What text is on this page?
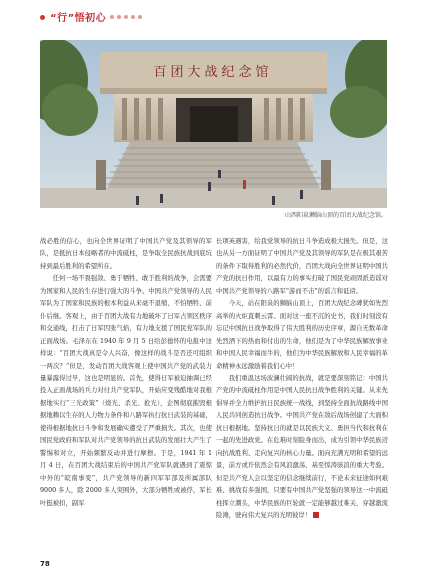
“行”悟初心
百团大战纪念馆
山西阳泉狮脑山顶的百团大战纪念馆。

战必胜的信心，也向全世界证明了中国共产党及其领导的军队，是抵抗日本侵略者的中流砥柱，是争取全民族抗战到底坑持到最后胜利的希望所在。

任何一场不畏强敌、勇于牺牲、敢于胜利的战争，会需要为国家和人民的生存进行强大的斗争。中国共产党领导的人民军队为了国家和民族的根本利益从来毫不退缩、不怕牺牲、前仆后继。客观上，由于百团大战有力地破坏了日军占领区秩序和交通线，打击了日军因张气焰，有力地支援了国民党军队的正面战场。毛泽东在 1940 年 9 月 5 日给彭德怀的电报中这样说：“百团大战真是令人兴奋，像这样的战斗是否还可组织一两次？”但是，发动百团大战客观上使中国共产党的武装力量暴露得过早，这也是明显的。首先，使得日军被迫抽调已经投入正面战场的兵力对付共产党军队，开始应变残酷地对我根据地实行“三光政策”（烧光、杀光、抢光），企图彻底摧毁根据地赖以生存的人力物力条件和八路军执行抗日武装的基础，使得根据地抗日斗争和发展确实遭受了严重损失。其次，也使国民党政府和军队对共产党领导的抗日武装的发展壮大产生了警惕和对立，开始频繁反动并进行摩擦。于是，1941 年 1 月 4 日，在百团大战结束后的中国共产党军队就遇到了震惊中外的“皖南事变”，共产党领导的新四军军部及所属部队 9000 多人，除 2000 多人突围外，大部分牺牲或被俘，军长叶挺被扣，副军

长项英遇害，给我党领导的抗日斗争造成极大损失。但是，这也从另一方面证明了中国共产党及其领导的军队是在极其艰苦的条件下取得胜利的必然代价，百团大战向全世界证明中国共产党的抗日作用，以最有力的事实打破了国民党顽固派造谣对中国共产党领导的八路军“游而不击”的谣言和诋谤。

今天，站在阳泉的狮脑山顶上，百团大战纪念碑犹如先烈高举的火炬直刺云霄。面对这一座不沉的史书，我们时刻没有忘记中国抗日战争取得了伟大胜利的历史序章，源自无数革命先烈洒下的热血和付出的生命，他们是为了中华民族解放事业和中国人民幸福而牛的，他们为中华民族解放和人民幸福的革命精神永远激励着我们心中！

我们重温这场波澜壮阔的抗战，就是要深刻铭记：中国共产党的中流砥柱作用是中国人民抗日战争胜利的关键。从来先倡导并全力维护抗日民族统一战线，到坚持全面抗战路线中国人民共同创造抗日战争。中国共产党在敌后战场创建了大面积抗日根据地。坚持抗日的就是以民族大义、勇担当代和抗利在一起的先进政党。在危难时刻脸身而出，成为引领中华民族迈向抗战胜利、走向复兴的核心力量。面向充满光明和希望的远景，前方或许依然会有风浪激荡、基至惊涛骇浪的重大考验。但是共产党人会以坚定的信念继续前行，不论未来征途如何艰难、挑战有多强国，只要有中国共产党坚强的领导这一中流砥柱挥立潮头，中华民族的巨轮就一定能够越过难关，穿越激流险滩，驶向伟大复兴的光明彼岸！

78
